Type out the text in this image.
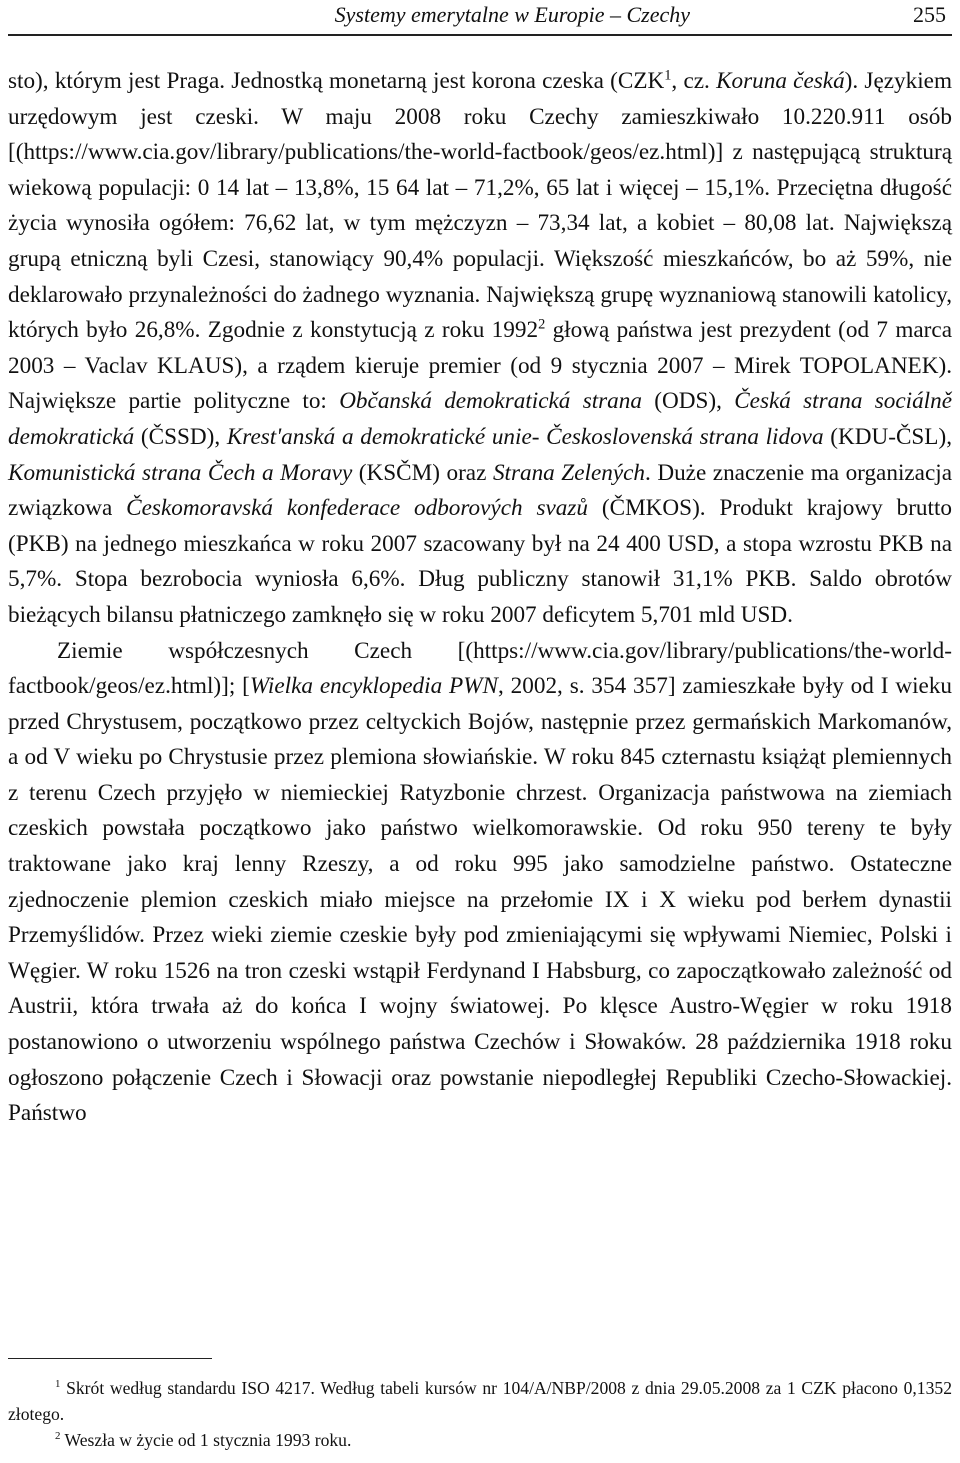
Systemy emerytalne w Europie – Czechy	255

sto), którym jest Praga. Jednostką monetarną jest korona czeska (CZK$^1$, cz. Koruna česká). Językiem urzędowym jest czeski. W maju 2008 roku Czechy zamieszkiwało 10.220.911 osób [(https://www.cia.gov/library/publications/the-world-factbook/geos/ez.html)] z następującą strukturą wiekową populacji: 0 14 lat – 13,8%, 15 64 lat – 71,2%, 65 lat i więcej – 15,1%. Przeciętna długość życia wynosiła ogółem: 76,62 lat, w tym mężczyzn – 73,34 lat, a kobiet – 80,08 lat. Największą grupą etniczną byli Czesi, stanowiący 90,4% populacji. Większość mieszkańców, bo aż 59%, nie deklarowało przynależności do żadnego wyznania. Największą grupę wyznaniową stanowili katolicy, których było 26,8%. Zgodnie z konstytucją z roku 1992$^2$ głową państwa jest prezydent (od 7 marca 2003 – Vaclav KLAUS), a rządem kieruje premier (od 9 stycznia 2007 – Mirek TOPOLANEK). Największe partie polityczne to: Občanská demokratická strana (ODS), Česká strana sociálně demokratická (ČSSD), Krest'anská a demokratické unie- Československá strana lidova (KDU-ČSL), Komunistická strana Čech a Moravy (KSČM) oraz Strana Zelených. Duże znaczenie ma organizacja związkowa Českomoravská konfederace odborových svazů (ČMKOS). Produkt krajowy brutto (PKB) na jednego mieszkańca w roku 2007 szacowany był na 24 400 USD, a stopa wzrostu PKB na 5,7%. Stopa bezrobocia wyniosła 6,6%. Dług publiczny stanowił 31,1% PKB. Saldo obrotów bieżących bilansu płatniczego zamknęło się w roku 2007 deficytem 5,701 mld USD.

Ziemie współczesnych Czech [(https://www.cia.gov/library/publications/the-world-factbook/geos/ez.html)]; [Wielka encyklopedia PWN, 2002, s. 354 357] zamieszkałe były od I wieku przed Chrystusem, początkowo przez celtyckich Bojów, następnie przez germańskich Markomanów, a od V wieku po Chrystusie przez plemiona słowiańskie. W roku 845 czternastu książąt plemiennych z terenu Czech przyjęło w niemieckiej Ratyzbonie chrzest. Organizacja państwowa na ziemiach czeskich powstała początkowo jako państwo wielkomorawskie. Od roku 950 tereny te były traktowane jako kraj lenny Rzeszy, a od roku 995 jako samodzielne państwo. Ostateczne zjednoczenie plemion czeskich miało miejsce na przełomie IX i X wieku pod berłem dynastii Przemyślidów. Przez wieki ziemie czeskie były pod zmieniającymi się wpływami Niemiec, Polski i Węgier. W roku 1526 na tron czeski wstąpił Ferdynand I Habsburg, co zapoczątkowało zależność od Austrii, która trwała aż do końca I wojny światowej. Po klęsce Austro-Węgier w roku 1918 postanowiono o utworzeniu wspólnego państwa Czechów i Słowaków. 28 października 1918 roku ogłoszono połączenie Czech i Słowacji oraz powstanie niepodległej Republiki Czecho-Słowackiej. Państwo

$^1$ Skrót według standardu ISO 4217. Według tabeli kursów nr 104/A/NBP/2008 z dnia 29.05.2008 za 1 CZK płacono 0,1352 złotego.

$^2$ Weszła w życie od 1 stycznia 1993 roku.
